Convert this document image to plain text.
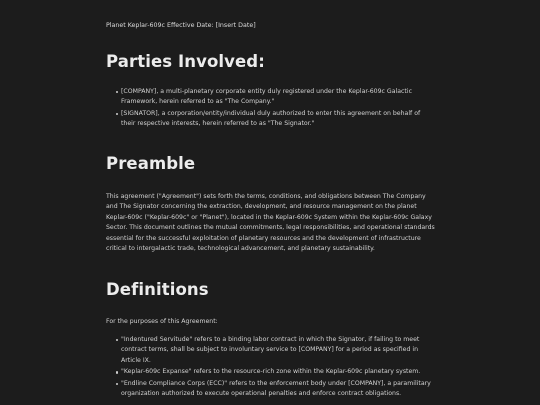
Planet Keplar-609c Effective Date: [Insert Date]
Parties Involved:
[COMPANY], a multi-planetary corporate entity duly registered under the Keplar-609c Galactic Framework, herein referred to as "The Company."
[SIGNATOR], a corporation/entity/individual duly authorized to enter this agreement on behalf of their respective interests, herein referred to as "The Signator."
Preamble

This agreement ("Agreement") sets forth the terms, conditions, and obligations between The Company and The Signator concerning the extraction, development, and resource management on the planet Keplar-609c ("Keplar-609c" or "Planet"), located in the Keplar-609c System within the Keplar-609c Galaxy Sector. This document outlines the mutual commitments, legal responsibilities, and operational standards essential for the successful exploitation of planetary resources and the development of infrastructure critical to intergalactic trade, technological advancement, and planetary sustainability.

Definitions

For the purposes of this Agreement:

"Indentured Servitude" refers to a binding labor contract in which the Signator, if failing to meet contract terms, shall be subject to involuntary service to [COMPANY] for a period as specified in Article IX.
"Keplar-609c Expanse" refers to the resource-rich zone within the Keplar-609c planetary system.
"Endline Compliance Corps (ECC)" refers to the enforcement body under [COMPANY], a paramilitary organization authorized to execute operational penalties and enforce contract obligations.
